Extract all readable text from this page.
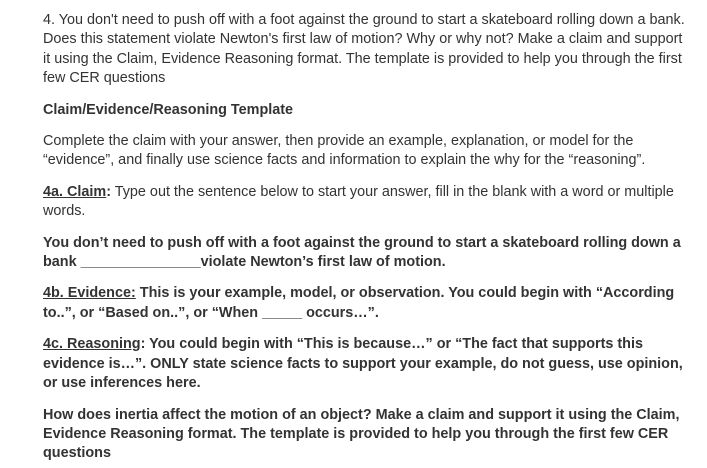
4. You don't need to push off with a foot against the ground to start a skateboard rolling down a bank. Does this statement violate Newton's first law of motion? Why or why not? Make a claim and support it using the Claim, Evidence Reasoning format. The template is provided to help you through the first few CER questions

Claim/Evidence/Reasoning Template

Complete the claim with your answer, then provide an example, explanation, or model for the “evidence”, and finally use science facts and information to explain the why for the “reasoning”.

4a. Claim: Type out the sentence below to start your answer, fill in the blank with a word or multiple words.

You don’t need to push off with a foot against the ground to start a skateboard rolling down a bank _______________violate Newton’s first law of motion.

4b. Evidence: This is your example, model, or observation. You could begin with “According to..”, or “Based on..”, or “When _____ occurs…”.

4c. Reasoning: You could begin with “This is because…” or “The fact that supports this evidence is…”. ONLY state science facts to support your example, do not guess, use opinion, or use inferences here.

How does inertia affect the motion of an object? Make a claim and support it using the Claim, Evidence Reasoning format. The template is provided to help you through the first few CER questions
